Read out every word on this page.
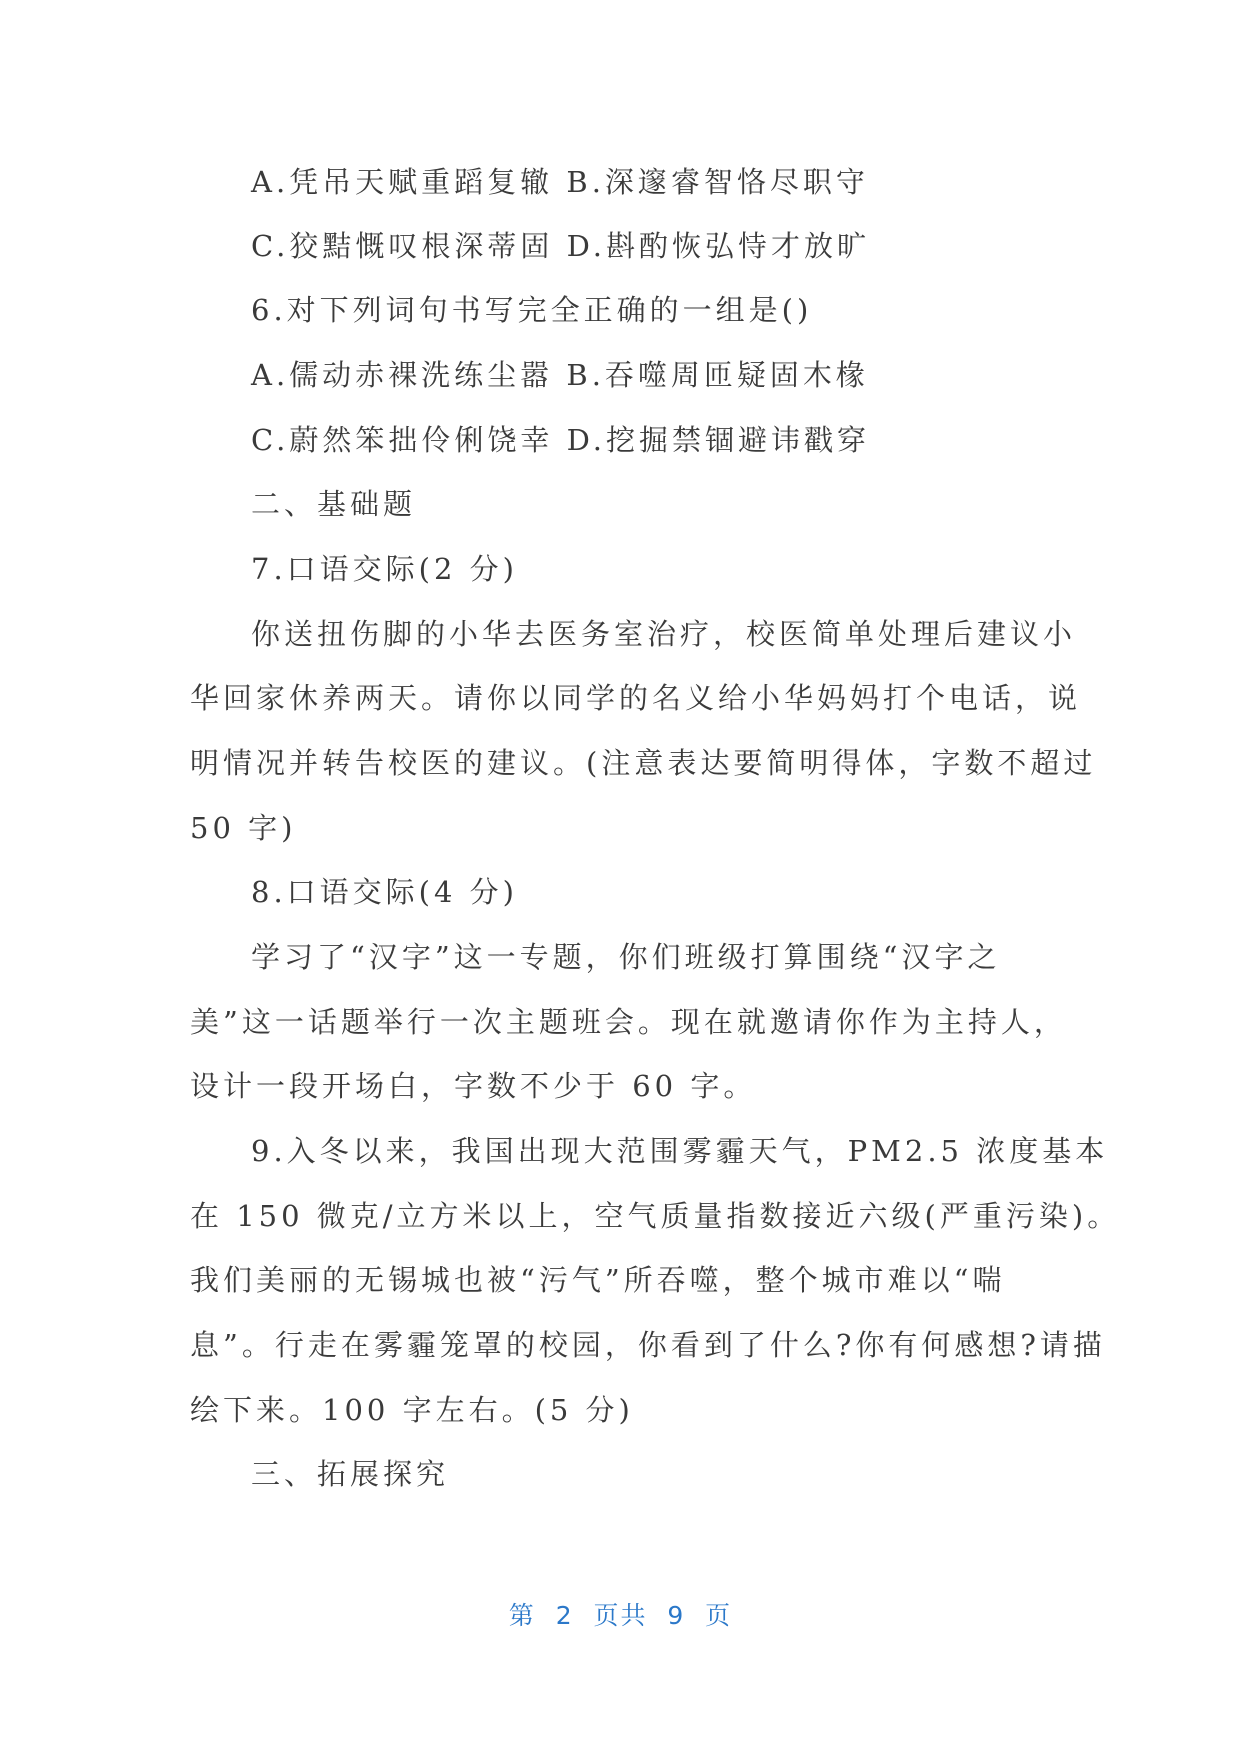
A.凭吊天赋重蹈复辙 B.深邃睿智恪尽职守
C.狡黠慨叹根深蒂固 D.斟酌恢弘恃才放旷
6.对下列词句书写完全正确的一组是()
A.儒动赤裸洗练尘嚣 B.吞噬周匝疑固木椽
C.蔚然笨拙伶俐饶幸 D.挖掘禁锢避讳戳穿
二、基础题
7.口语交际(2 分)
你送扭伤脚的小华去医务室治疗，校医简单处理后建议小
华回家休养两天。请你以同学的名义给小华妈妈打个电话，说
明情况并转告校医的建议。(注意表达要简明得体，字数不超过
50 字)
8.口语交际(4 分)
学习了“汉字”这一专题，你们班级打算围绕“汉字之
美”这一话题举行一次主题班会。现在就邀请你作为主持人，
设计一段开场白，字数不少于 60 字。
9.入冬以来，我国出现大范围雾霾天气，PM2.5 浓度基本
在 150 微克/立方米以上，空气质量指数接近六级(严重污染)。
我们美丽的无锡城也被“污气”所吞噬，整个城市难以“喘
息”。行走在雾霾笼罩的校园，你看到了什么?你有何感想?请描
绘下来。100 字左右。(5 分)
三、拓展探究
第  2  页共  9  页
